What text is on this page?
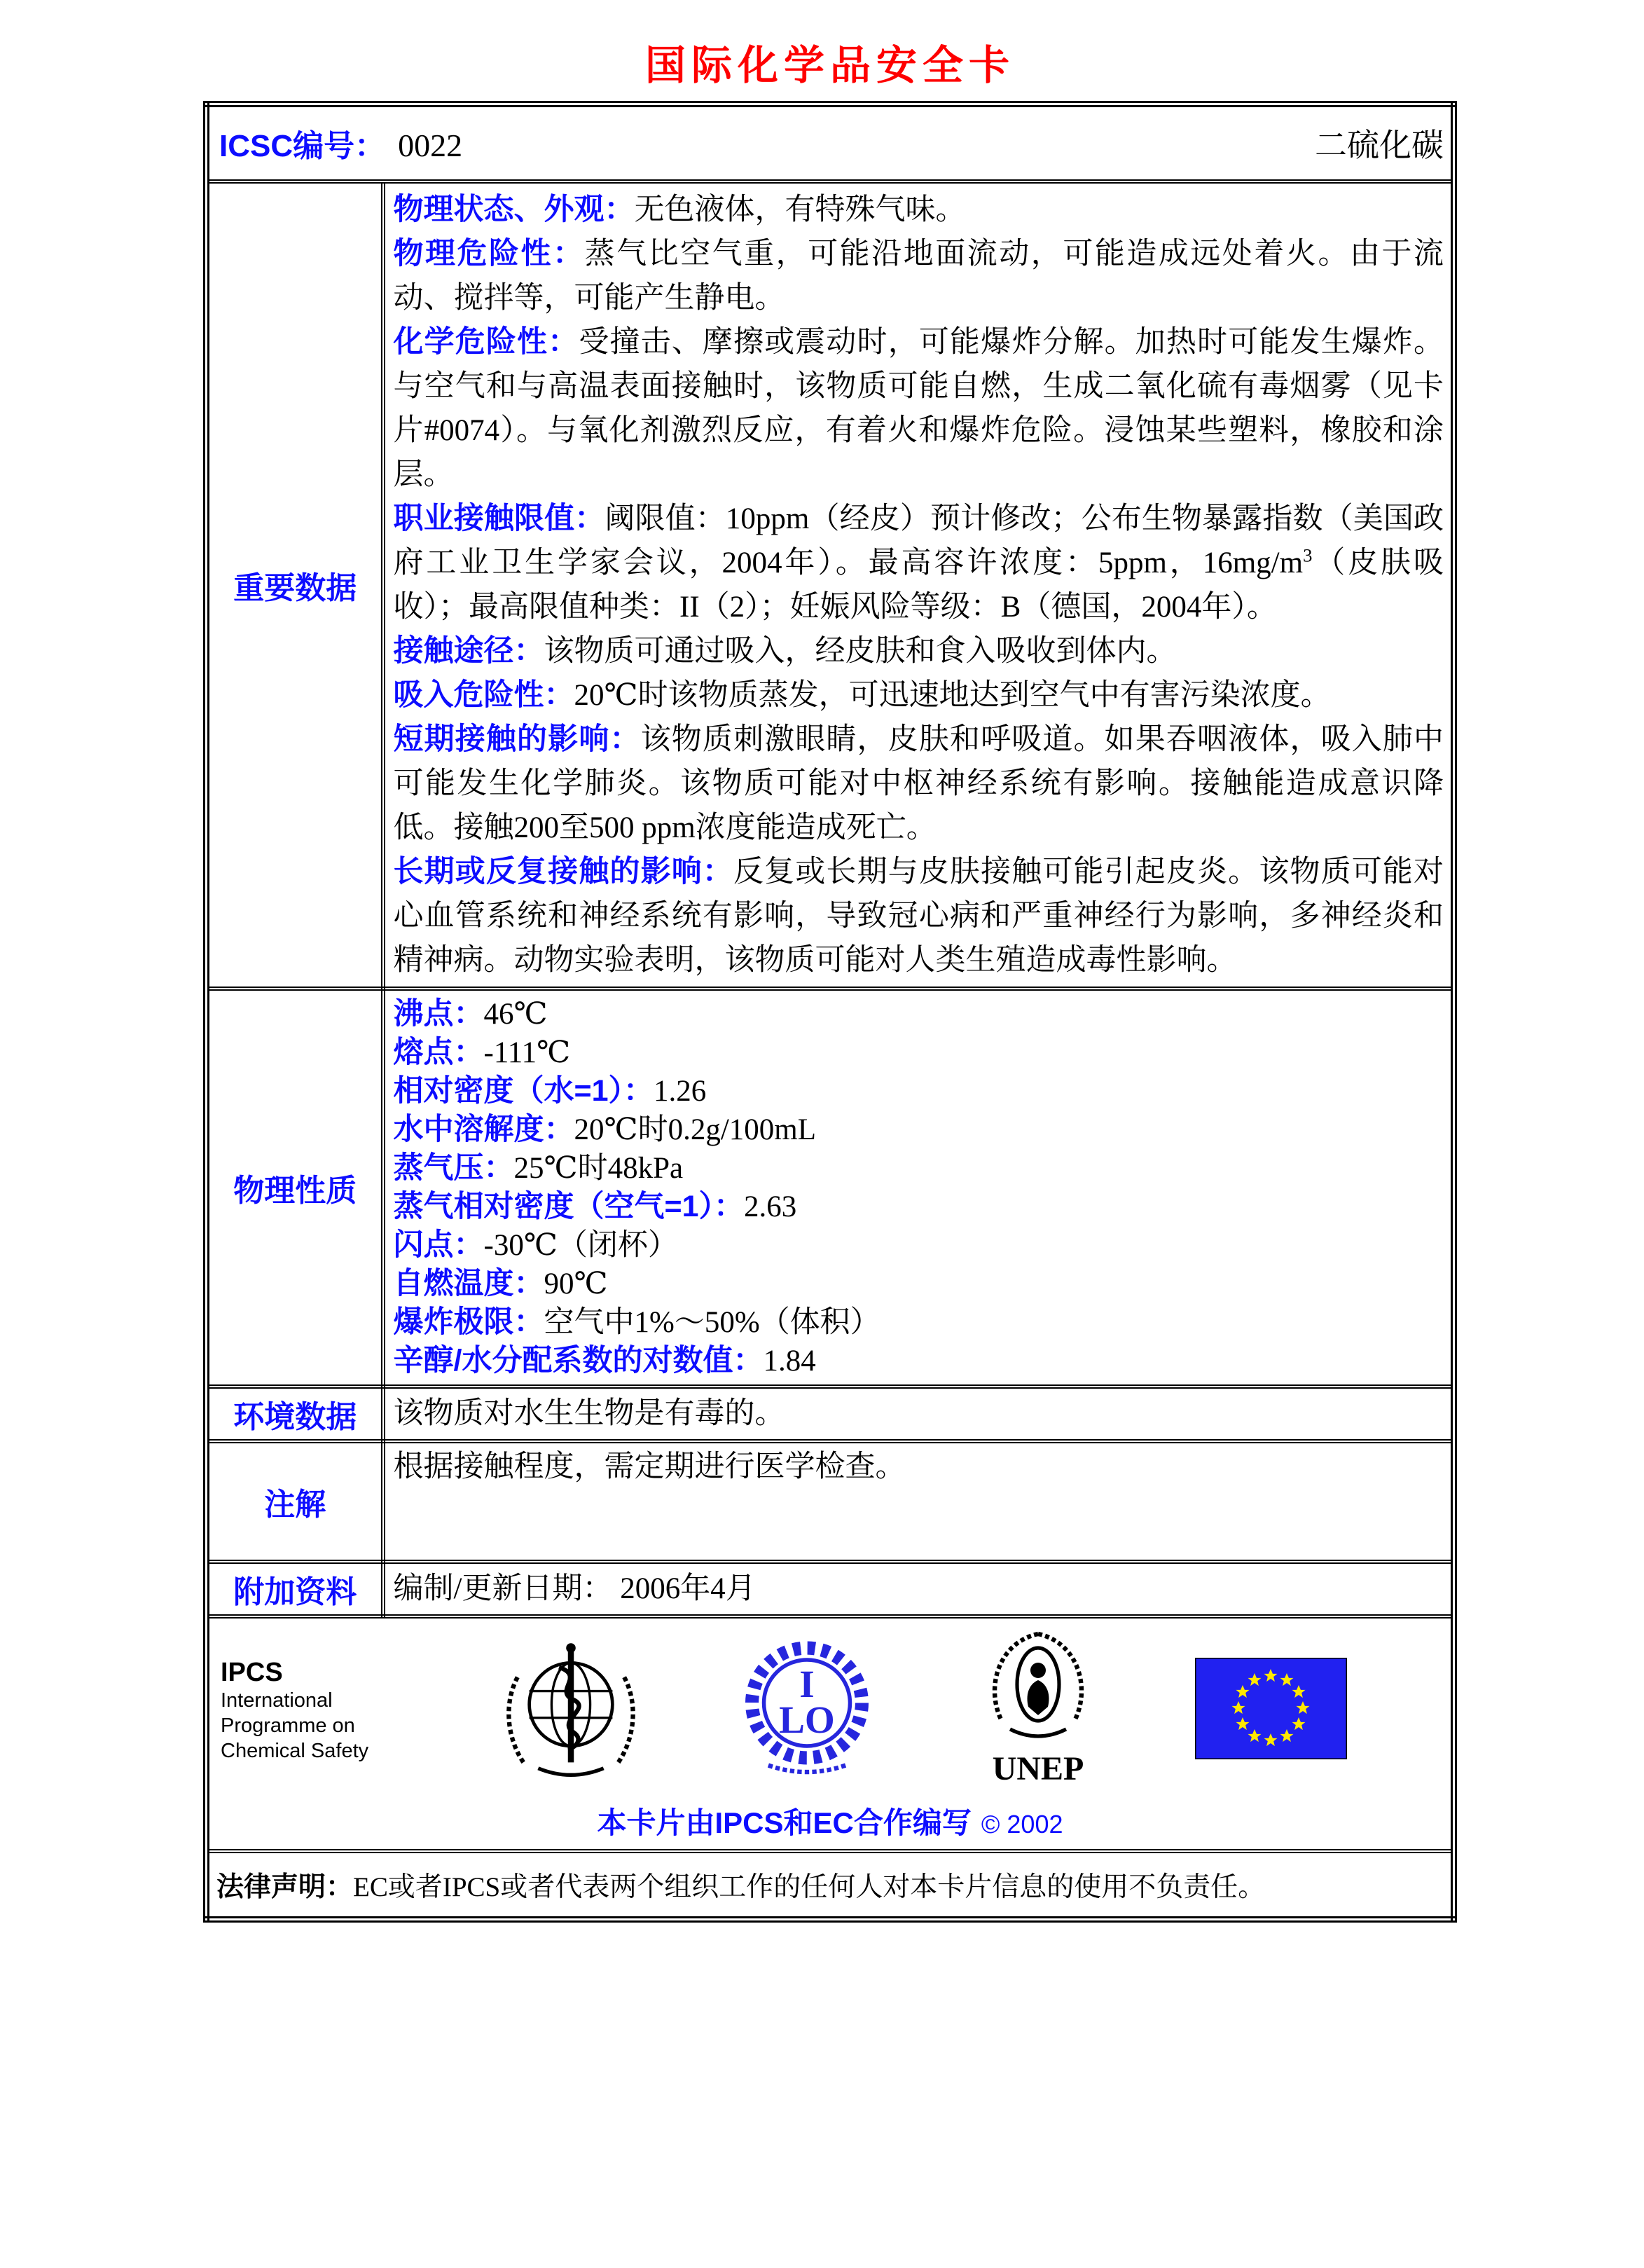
国际化学品安全卡
ICSC编号： 0022 二硫化碳	

重要数据	
物理状态、外观：无色液体，有特殊气味。
物理危险性：蒸气比空气重，可能沿地面流动，可能造成远处着火。由于流动、搅拌等，可能产生静电。
化学危险性：受撞击、摩擦或震动时，可能爆炸分解。加热时可能发生爆炸。与空气和与高温表面接触时，该物质可能自燃，生成二氧化硫有毒烟雾（见卡片#0074）。与氧化剂激烈反应，有着火和爆炸危险。浸蚀某些塑料，橡胶和涂层。
职业接触限值：阈限值：10ppm（经皮）预计修改；公布生物暴露指数（美国政府工业卫生学家会议，2004年）。最高容许浓度：5ppm，$16mg/m^3$（皮肤吸收）；最高限值种类：II（2）；妊娠风险等级：B（德国，2004年）。
接触途径：该物质可通过吸入，经皮肤和食入吸收到体内。
吸入危险性：20℃时该物质蒸发，可迅速地达到空气中有害污染浓度。
短期接触的影响：该物质刺激眼睛，皮肤和呼吸道。如果吞咽液体，吸入肺中可能发生化学肺炎。该物质可能对中枢神经系统有影响。接触能造成意识降低。接触200至500 ppm浓度能造成死亡。
长期或反复接触的影响：反复或长期与皮肤接触可能引起皮炎。该物质可能对心血管系统和神经系统有影响，导致冠心病和严重神经行为影响，多神经炎和精神病。动物实验表明，该物质可能对人类生殖造成毒性影响。

物理性质	
沸点：46℃
熔点：-111℃
相对密度（水=1）：1.26
水中溶解度：20℃时0.2g/100mL
蒸气压：25℃时48kPa
蒸气相对密度（空气=1）：2.63
闪点：-30℃（闭杯）
自燃温度：90℃
爆炸极限：空气中1%～50%（体积）
辛醇/水分配系数的对数值：1.84

环境数据	该物质对水生生物是有毒的。
注解	根据接触程度，需定期进行医学检查。
附加资料	编制/更新日期： 2006年4月

IPCS
International
Programme on
Chemical Safety
I
LO
UNEP
本卡片由IPCS和EC合作编写 © 2002

法律声明：EC或者IPCS或者代表两个组织工作的任何人对本卡片信息的使用不负责任。	
